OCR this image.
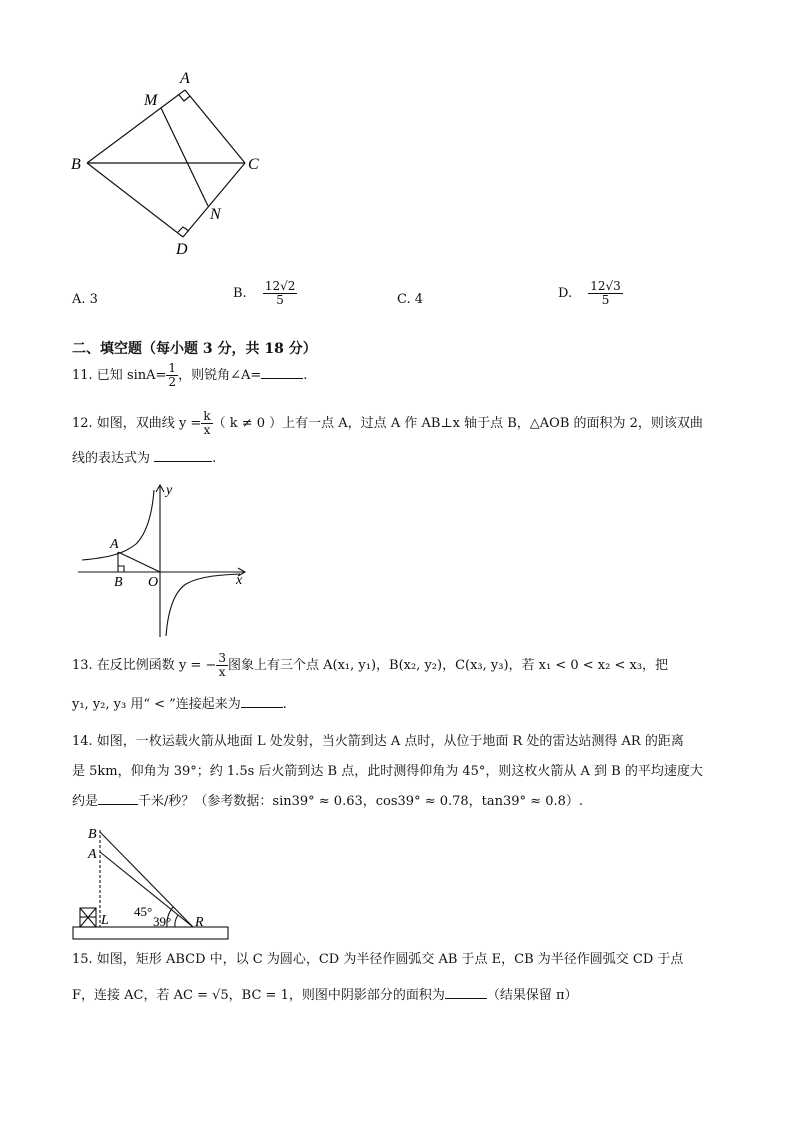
A
M
B	C
N
D
A. 3	B. $\frac{12√2}{5}$	C. 4	D. $\frac{12√3}{5}$
二、填空题（每小题 3 分，共 18 分）
11. 已知 $\sin A= \frac{1}{2}$ ，则锐角∠A=	.
12. 如图，双曲线 $y = \frac{k}{x}$ （ k ≠ 0 ）上有一点 A，过点 A 作 AB⊥x 轴于点 B，△AOB 的面积为 2，则该双曲
线的表达式为	.
y
x
A
B O
13. 在反比例函数 y = − $\frac{3}{x}$ 图象上有三个点 A(x₁, y₁)，B(x₂, y₂)，C(x₃, y₃)，若 x₁ < 0 < x₂ < x₃，把
y₁, y₂, y₃ 用“ < ”连接起来为	.
14. 如图，一枚运载火箭从地面 L 处发射，当火箭到达 A 点时，从位于地面 R 处的雷达站测得 AR 的距离
是 5km，仰角为 39°；约 1.5s 后火箭到达 B 点，此时测得仰角为 45°，则这枚火箭从 A 到 B 的平均速度大
约是	千米/秒？（参考数据：sin39° ≈ 0.63，cos39° ≈ 0.78，tan39° ≈ 0.8）.
B
A
L	R
45°
39°
15. 如图，矩形 ABCD 中，以 C 为圆心，CD 为半径作圆弧交 AB 于点 E，CB 为半径作圆弧交 CD 于点
F，连接 AC，若 AC = √5，BC = 1，则图中阴影部分的面积为	（结果保留 π）
